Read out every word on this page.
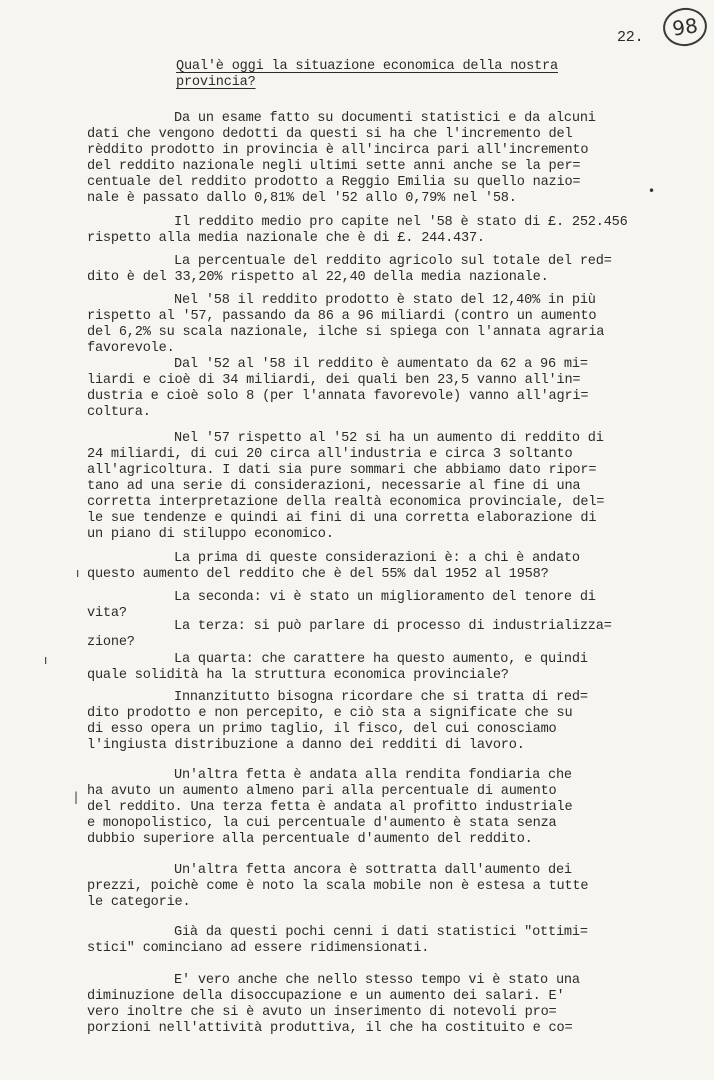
22.	98
Qual'è oggi la situazione economica della nostra
provincia?
Da un esame fatto su documenti statistici e da alcuni
dati che vengono dedotti da questi si ha che l'incremento del
rèddito prodotto in provincia è all'incirca pari all'incremento
del reddito nazionale negli ultimi sette anni anche se la per=
centuale del reddito prodotto a Reggio Emilia su quello nazio=
nale è passato dallo 0,81% del '52 allo 0,79% nel '58.
Il reddito medio pro capite nel '58 è stato di £. 252.456
rispetto alla media nazionale che è di £. 244.437.
La percentuale del reddito agricolo sul totale del red=
dito è del 33,20% rispetto al 22,40 della media nazionale.
Nel '58 il reddito prodotto è stato del 12,40% in più
rispetto al '57, passando da 86 a 96 miliardi (contro un aumento
del 6,2% su scala nazionale, ilche si spiega con l'annata agraria
favorevole.
Dal '52 al '58 il reddito è aumentato da 62 a 96 mi=
liardi e cioè di 34 miliardi, dei quali ben 23,5 vanno all'in=
dustria e cioè solo 8 (per l'annata favorevole) vanno all'agri=
coltura.
Nel '57 rispetto al '52 si ha un aumento di reddito di
24 miliardi, di cui 20 circa all'industria e circa 3 soltanto
all'agricoltura. I dati sia pure sommari che abbiamo dato ripor=
tano ad una serie di considerazioni, necessarie al fine di una
corretta interpretazione della realtà economica provinciale, del=
le sue tendenze e quindi ai fini di una corretta elaborazione di
un piano di stiluppo economico.
La prima di queste considerazioni è: a chi è andato
questo aumento del reddito che è del 55% dal 1952 al 1958?
La seconda: vi è stato un miglioramento del tenore di
vita?
La terza: si può parlare di processo di industrializza=
zione?
La quarta: che carattere ha questo aumento, e quindi
quale solidità ha la struttura economica provinciale?
Innanzitutto bisogna ricordare che si tratta di red=
dito prodotto e non percepito, e ciò sta a significate che su
di esso opera un primo taglio, il fisco, del cui conosciamo
l'ingiusta distribuzione a danno dei redditi di lavoro.
Un'altra fetta è andata alla rendita fondiaria che
ha avuto un aumento almeno pari alla percentuale di aumento
del reddito. Una terza fetta è andata al profitto industriale
e monopolistico, la cui percentuale d'aumento è stata senza
dubbio superiore alla percentuale d'aumento del reddito.
Un'altra fetta ancora è sottratta dall'aumento dei
prezzi, poichè come è noto la scala mobile non è estesa a tutte
le categorie.
Già da questi pochi cenni i dati statistici "ottimi=
stici" cominciano ad essere ridimensionati.
E' vero anche che nello stesso tempo vi è stato una
diminuzione della disoccupazione e un aumento dei salari. E'
vero inoltre che si è avuto un inserimento di notevoli pro=
porzioni nell'attività produttiva, il che ha costituito e co=
•
ı
ı
|
